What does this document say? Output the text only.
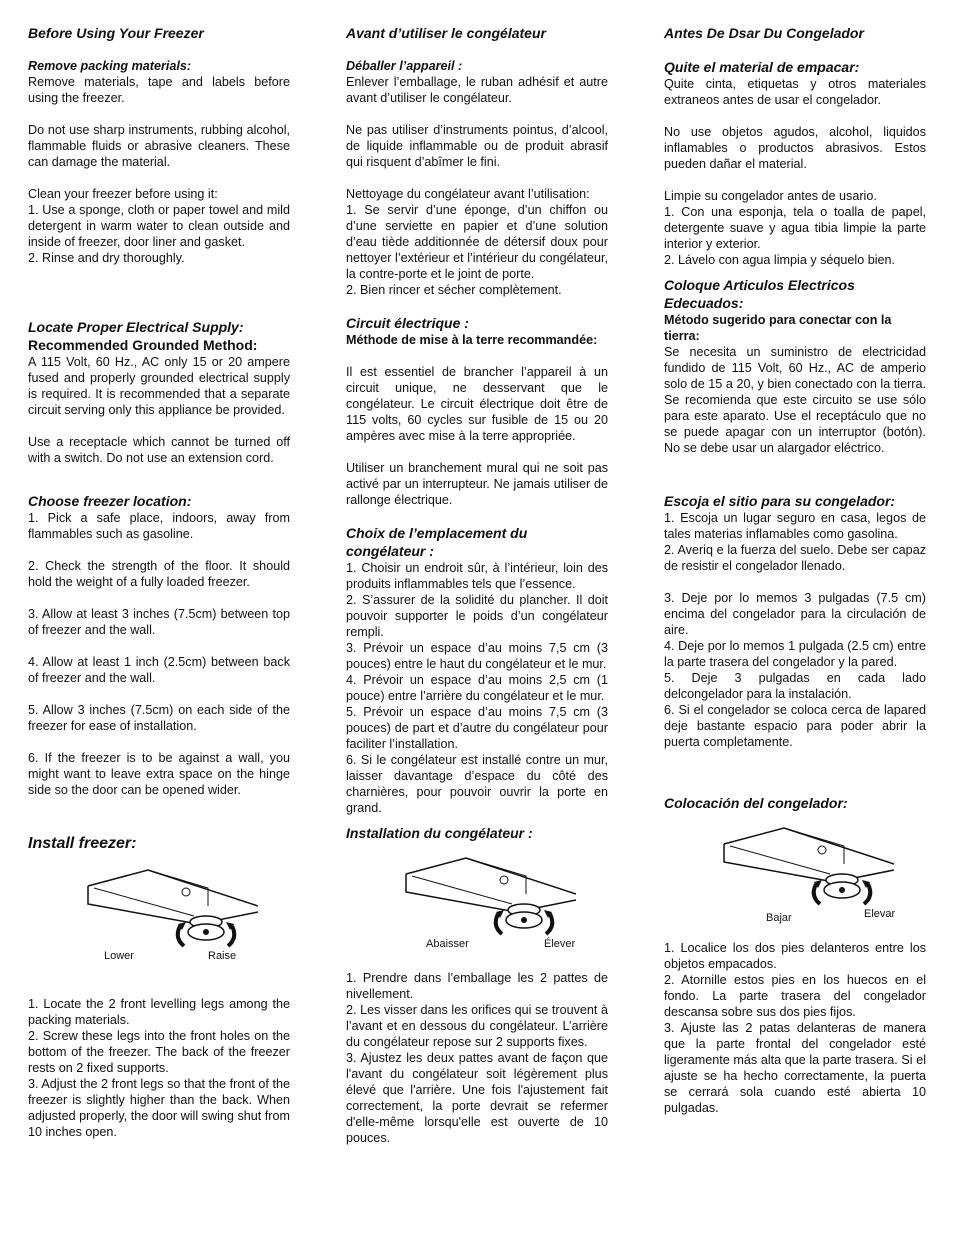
Before Using Your Freezer
Remove packing materials:

Remove materials, tape and labels before using the freezer.

Do not use sharp instruments, rubbing alcohol, flammable fluids or abrasive cleaners. These can damage the material.

Clean your freezer before using it:
1. Use a sponge, cloth or paper towel and mild detergent in warm water to clean outside and inside of freezer, door liner and gasket.
2. Rinse and dry thoroughly.

Locate Proper Electrical Supply:
Recommended Grounded Method:

A 115 Volt, 60 Hz., AC only 15 or 20 ampere fused and properly grounded electrical supply is required. It is recommended that a separate circuit serving only this appliance be provided.

Use a receptacle which cannot be turned off with a switch. Do not use an extension cord.

Choose freezer location:

1. Pick a safe place, indoors, away from flammables such as gasoline.

2. Check the strength of the floor. It should hold the weight of a fully loaded freezer.

3. Allow at least 3 inches (7.5cm) between top of freezer and the wall.

4. Allow at least 1 inch (2.5cm) between back of freezer and the wall.

5. Allow 3 inches (7.5cm) on each side of the freezer for ease of installation.

6. If the freezer is to be against a wall, you might want to leave extra space on the hinge side so the door can be opened wider.

Install freezer:
Lower	Raise

1. Locate the 2 front levelling legs among the packing materials.
2. Screw these legs into the front holes on the bottom of the freezer. The back of the freezer rests on 2 fixed supports.
3. Adjust the 2 front legs so that the front of the freezer is slightly higher than the back. When adjusted properly, the door will swing shut from 10 inches open.

Avant d’utiliser le congélateur
Déballer l’appareil :

Enlever l’emballage, le ruban adhésif et autre avant d’utiliser le congélateur.

Ne pas utiliser d’instruments pointus, d’alcool, de liquide inflammable ou de produit abrasif qui risquent d’abîmer le fini.

Nettoyage du congélateur avant l’utilisation:
1. Se servir d’une éponge, d’un chiffon ou d’une serviette en papier et d’une solution d’eau tiède additionnée de détersif doux pour nettoyer l’extérieur et l’intérieur du congélateur, la contre-porte et le joint de porte.
2. Bien rincer et sécher complètement.

Circuit électrique :
Méthode de mise à la terre recommandée:

Il est essentiel de brancher l’appareil à un circuit unique, ne desservant que le congélateur. Le circuit électrique doit être de 115 volts, 60 cycles sur fusible de 15 ou 20 ampères avec mise à la terre appropriée.

Utiliser un branchement mural qui ne soit pas activé par un interrupteur. Ne jamais utiliser de rallonge électrique.

Choix de l’emplacement du congélateur :

1. Choisir un endroit sûr, à l’intérieur, loin des produits inflammables tels que l’essence.
2. S’assurer de la solidité du plancher. Il doit pouvoir supporter le poids d’un congélateur rempli.
3. Prévoir un espace d’au moins 7,5 cm (3 pouces) entre le haut du congélateur et le mur.
4. Prévoir un espace d’au moins 2,5 cm (1 pouce) entre l’arrière du congélateur et le mur.
5. Prévoir un espace d’au moins 7,5 cm (3 pouces) de part et d’autre du congélateur pour faciliter l’installation.
6. Si le congélateur est installé contre un mur, laisser davantage d’espace du côté des charnières, pour pouvoir ouvrir la porte en grand.

Installation du congélateur :
Abaisser	Élever

1. Prendre dans l’emballage les 2 pattes de nivellement.
2. Les visser dans les orifices qui se trouvent à l’avant et en dessous du congélateur. L’arrière du congélateur repose sur 2 supports fixes.
3. Ajustez les deux pattes avant de façon que l'avant du congélateur soit légèrement plus élevé que l'arrière. Une fois l'ajustement fait correctement, la porte devrait se refermer d'elle-même lorsqu'elle est ouverte de 10 pouces.

Antes De Dsar Du Congelador
Quite el material de empacar:

Quite cinta, etiquetas y otros materiales extraneos antes de usar el congelador.

No use objetos agudos, alcohol, liquidos inflamables o productos abrasivos. Estos pueden dañar el material.

Limpie su congelador antes de usario.
1. Con una esponja, tela o toalla de papel, detergente suave y agua tibia limpie la parte interior y exterior.
2. Lávelo con agua limpia y séquelo bien.

Coloque Articulos Electricos Edecuados:
Método sugerido para conectar con la tierra:

Se necesita un suministro de electricidad fundido de 115 Volt, 60 Hz., AC de amperio solo de 15 a 20, y bien conectado con la tierra. Se recomienda que este circuito se use sólo para este aparato. Use el receptáculo que no se puede apagar con un interruptor (botón). No se debe usar un alargador eléctrico.

Escoja el sitio para su congelador:

1. Escoja un lugar seguro en casa, legos de tales materias inflamables como gasolina.
2. Averiq e la fuerza del suelo. Debe ser capaz de resistir el congelador llenado.

3. Deje por lo memos 3 pulgadas (7.5 cm) encima del congelador para la circulación de aire.
4. Deje por lo memos 1 pulgada (2.5 cm) entre la parte trasera del congelador y la pared.
5. Deje 3 pulgadas en cada lado delcongelador para la instalación.
6. Si el congelador se coloca cerca de lapared deje bastante espacio para poder abrir la puerta completamente.

Colocación del congelador:
Bajar	Elevar

1. Localice los dos pies delanteros entre los objetos empacados.
2. Atornille estos pies en los huecos en el fondo. La parte trasera del congelador descansa sobre sus dos pies fijos.
3. Ajuste las 2 patas delanteras de manera que la parte frontal del congelador esté ligeramente más alta que la parte trasera. Si el ajuste se ha hecho correctamente, la puerta se cerrará sola cuando esté abierta 10 pulgadas.
